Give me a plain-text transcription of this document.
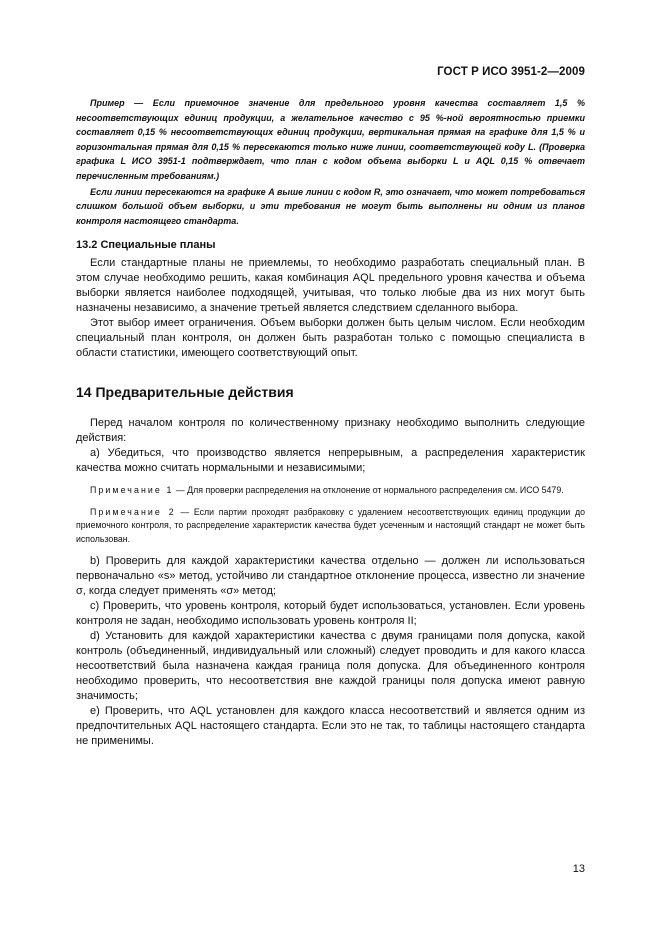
ГОСТ Р ИСО 3951-2—2009

Пример — Если приемочное значение для предельного уровня качества составляет 1,5 % несоответствующих единиц продукции, а желательное качество с 95 %-ной вероятностью приемки составляет 0,15 % несоответствующих единиц продукции, вертикальная прямая на графике для 1,5 % и горизонтальная прямая для 0,15 % пересекаются только ниже линии, соответствующей коду L. (Проверка графика L ИСО 3951-1 подтверждает, что план с кодом объема выборки L и AQL 0,15 % отвечает перечисленным требованиям.)

Если линии пересекаются на графике A выше линии с кодом R, это означает, что может потребоваться слишком большой объем выборки, и эти требования не могут быть выполнены ни одним из планов контроля настоящего стандарта.

13.2 Специальные планы

Если стандартные планы не приемлемы, то необходимо разработать специальный план. В этом случае необходимо решить, какая комбинация AQL предельного уровня качества и объема выборки является наиболее подходящей, учитывая, что только любые два из них могут быть назначены независимо, а значение третьей является следствием сделанного выбора.

Этот выбор имеет ограничения. Объем выборки должен быть целым числом. Если необходим специальный план контроля, он должен быть разработан только с помощью специалиста в области статистики, имеющего соответствующий опыт.

14 Предварительные действия

Перед началом контроля по количественному признаку необходимо выполнить следующие действия:

а) Убедиться, что производство является непрерывным, а распределения характеристик качества можно считать нормальными и независимыми;

Примечание 1 — Для проверки распределения на отклонение от нормального распределения см. ИСО 5479.

Примечание 2 — Если партии проходят разбраковку с удалением несоответствующих единиц продукции до приемочного контроля, то распределение характеристик качества будет усеченным и настоящий стандарт не может быть использован.

b) Проверить для каждой характеристики качества отдельно — должен ли использоваться первоначально «s» метод, устойчиво ли стандартное отклонение процесса, известно ли значение σ, когда следует применять «σ» метод;

c) Проверить, что уровень контроля, который будет использоваться, установлен. Если уровень контроля не задан, необходимо использовать уровень контроля II;

d) Установить для каждой характеристики качества с двумя границами поля допуска, какой контроль (объединенный, индивидуальный или сложный) следует проводить и для какого класса несоответствий была назначена каждая граница поля допуска. Для объединенного контроля необходимо проверить, что несоответствия вне каждой границы поля допуска имеют равную значимость;

e) Проверить, что AQL установлен для каждого класса несоответствий и является одним из предпочтительных AQL настоящего стандарта. Если это не так, то таблицы настоящего стандарта не применимы.

13
